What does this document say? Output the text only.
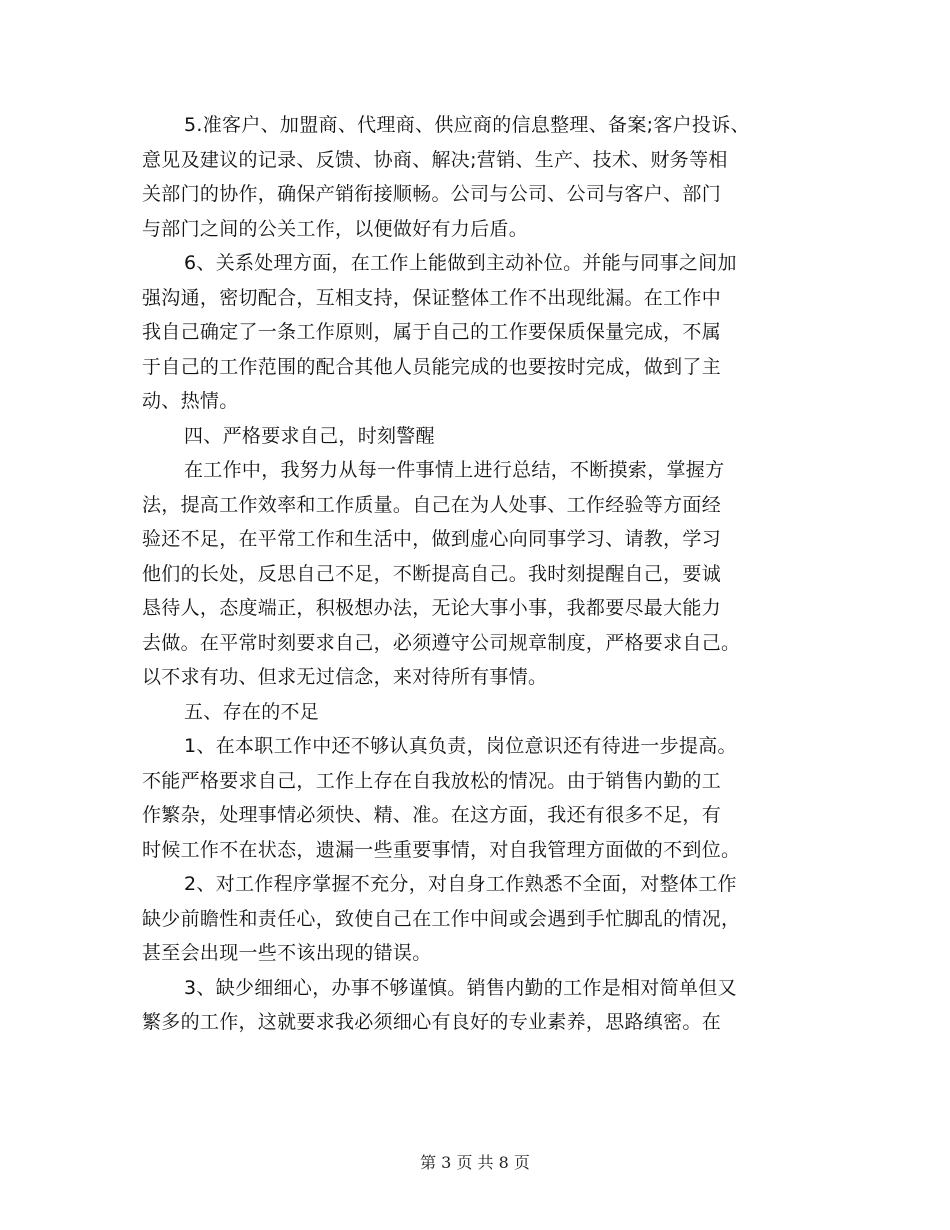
5.准客户、加盟商、代理商、供应商的信息整理、备案;客户投诉、
意见及建议的记录、反馈、协商、解决;营销、生产、技术、财务等相
关部门的协作，确保产销衔接顺畅。公司与公司、公司与客户、部门
与部门之间的公关工作，以便做好有力后盾。
6、关系处理方面，在工作上能做到主动补位。并能与同事之间加
强沟通，密切配合，互相支持，保证整体工作不出现纰漏。在工作中
我自己确定了一条工作原则，属于自己的工作要保质保量完成，不属
于自己的工作范围的配合其他人员能完成的也要按时完成，做到了主
动、热情。
四、严格要求自己，时刻警醒
在工作中，我努力从每一件事情上进行总结，不断摸索，掌握方
法，提高工作效率和工作质量。自己在为人处事、工作经验等方面经
验还不足，在平常工作和生活中，做到虚心向同事学习、请教，学习
他们的长处，反思自己不足，不断提高自己。我时刻提醒自己，要诚
恳待人，态度端正，积极想办法，无论大事小事，我都要尽最大能力
去做。在平常时刻要求自己，必须遵守公司规章制度，严格要求自己。
以不求有功、但求无过信念，来对待所有事情。
五、存在的不足
1、在本职工作中还不够认真负责，岗位意识还有待进一步提高。
不能严格要求自己，工作上存在自我放松的情况。由于销售内勤的工
作繁杂，处理事情必须快、精、准。在这方面，我还有很多不足，有
时候工作不在状态，遗漏一些重要事情，对自我管理方面做的不到位。
2、对工作程序掌握不充分，对自身工作熟悉不全面，对整体工作
缺少前瞻性和责任心，致使自己在工作中间或会遇到手忙脚乱的情况，
甚至会出现一些不该出现的错误。
3、缺少细细心，办事不够谨慎。销售内勤的工作是相对简单但又
繁多的工作，这就要求我必须细心有良好的专业素养，思路缜密。在
第 3 页 共 8 页
